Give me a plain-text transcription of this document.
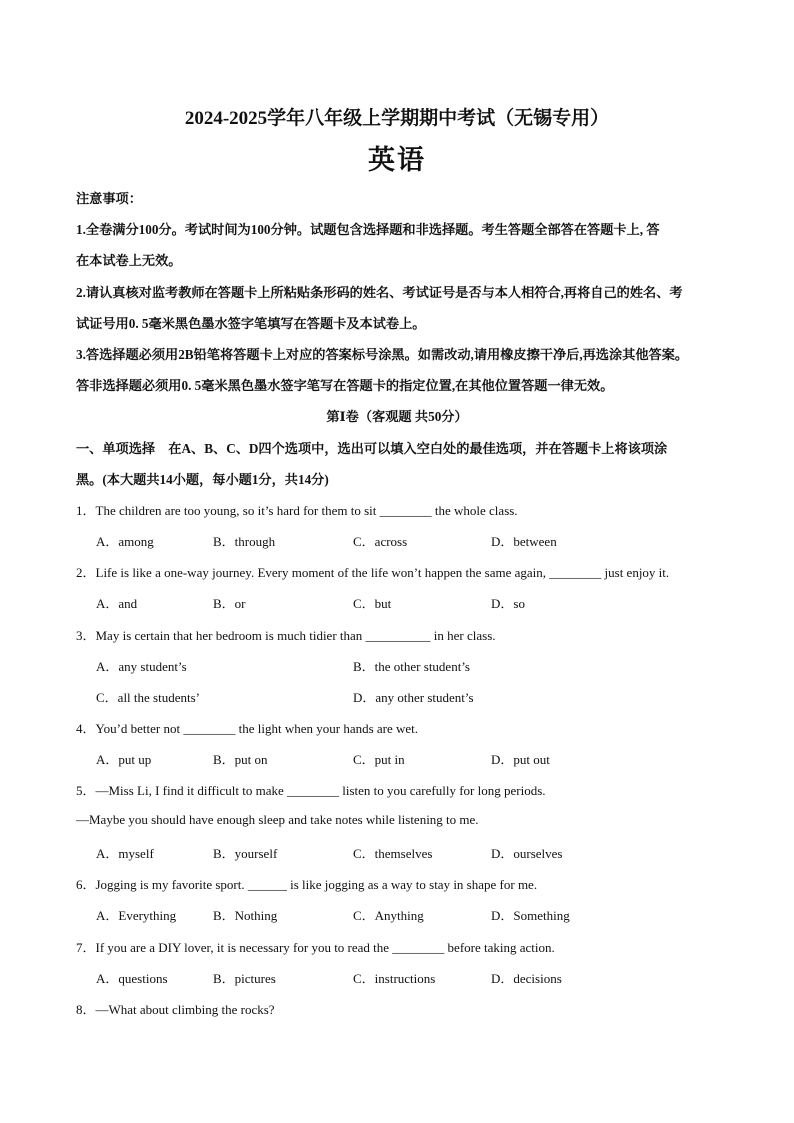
2024-2025学年八年级上学期期中考试（无锡专用）
英语
注意事项：
1.全卷满分100分。考试时间为100分钟。试题包含选择题和非选择题。考生答题全部答在答题卡上, 答
在本试卷上无效。
2.请认真核对监考教师在答题卡上所粘贴条形码的姓名、考试证号是否与本人相符合,再将自己的姓名、考
试证号用0. 5毫米黑色墨水签字笔填写在答题卡及本试卷上。
3.答选择题必须用2B铅笔将答题卡上对应的答案标号涂黑。如需改动,请用橡皮擦干净后,再选涂其他答案。
答非选择题必须用0. 5毫米黑色墨水签字笔写在答题卡的指定位置,在其他位置答题一律无效。
第Ⅰ卷（客观题 共50分）
一、单项选择　在A、B、C、D四个选项中，选出可以填入空白处的最佳选项，并在答题卡上将该项涂
黑。(本大题共14小题，每小题1分，共14分)
1．The children are too young, so it’s hard for them to sit ________ the whole class.
A．among	B．through	C．across	D．between
2．Life is like a one-way journey. Every moment of the life won’t happen the same again, ________ just enjoy it.
A．and	B．or	C．but	D．so
3．May is certain that her bedroom is much tidier than __________ in her class.
A．any student’s	B．the other student’s
C．all the students’	D．any other student’s
4．You’d better not ________ the light when your hands are wet.
A．put up	B．put on	C．put in	D．put out
5．—Miss Li, I find it difficult to make ________ listen to you carefully for long periods.
—Maybe you should have enough sleep and take notes while listening to me.
A．myself	B．yourself	C．themselves	D．ourselves
6．Jogging is my favorite sport. ______ is like jogging as a way to stay in shape for me.
A．Everything	B．Nothing	C．Anything	D．Something
7．If you are a DIY lover, it is necessary for you to read the ________ before taking action.
A．questions	B．pictures	C．instructions	D．decisions
8．—What about climbing the rocks?
